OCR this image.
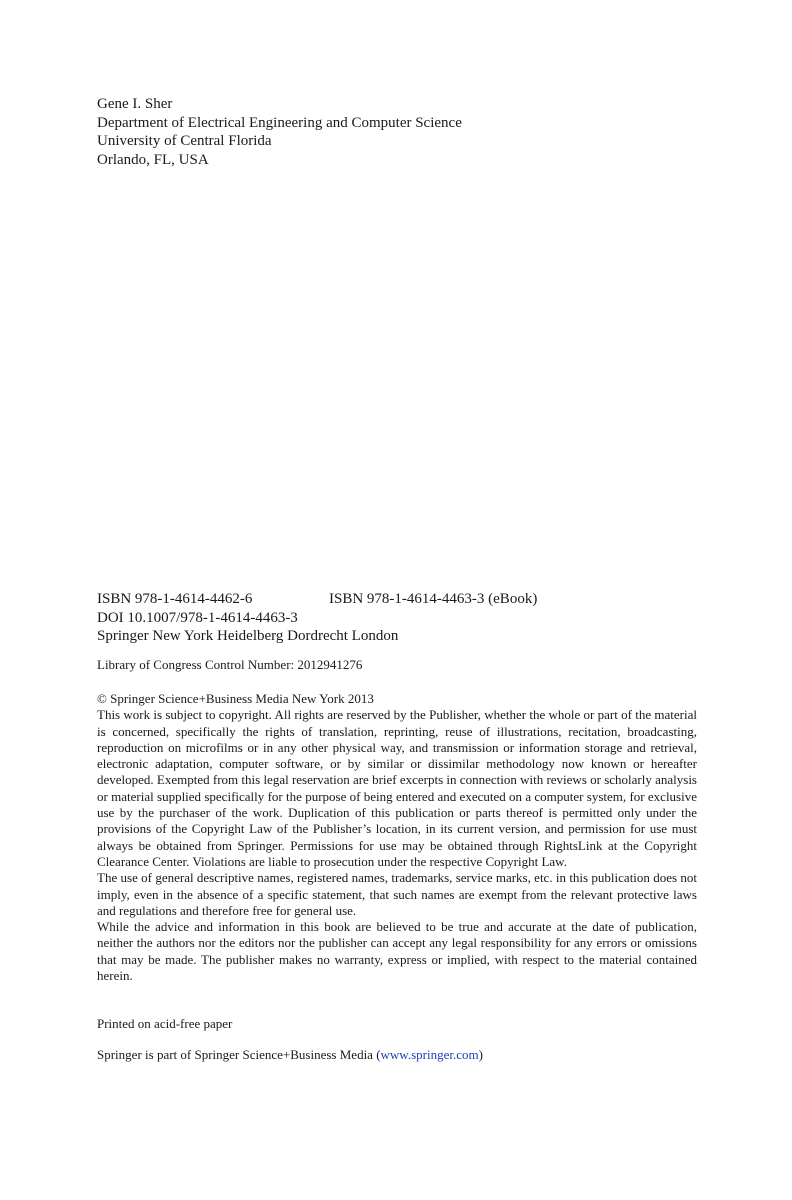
Gene I. Sher
Department of Electrical Engineering and Computer Science
University of Central Florida
Orlando, FL, USA
ISBN 978-1-4614-4462-6	ISBN 978-1-4614-4463-3 (eBook)
DOI 10.1007/978-1-4614-4463-3
Springer New York Heidelberg Dordrecht London
Library of Congress Control Number: 2012941276
© Springer Science+Business Media New York 2013

This work is subject to copyright. All rights are reserved by the Publisher, whether the whole or part of the material is concerned, specifically the rights of translation, reprinting, reuse of illustrations, recitation, broadcasting, reproduction on microfilms or in any other physical way, and transmission or information storage and retrieval, electronic adaptation, computer software, or by similar or dissimilar methodology now known or hereafter developed. Exempted from this legal reservation are brief excerpts in connection with reviews or scholarly analysis or material supplied specifically for the purpose of being entered and executed on a computer system, for exclusive use by the purchaser of the work. Duplication of this publication or parts thereof is permitted only under the provisions of the Copyright Law of the Publisher’s location, in its current version, and permission for use must always be obtained from Springer. Permissions for use may be obtained through RightsLink at the Copyright Clearance Center. Violations are liable to prosecution under the respective Copyright Law.

The use of general descriptive names, registered names, trademarks, service marks, etc. in this publication does not imply, even in the absence of a specific statement, that such names are exempt from the relevant protective laws and regulations and therefore free for general use.

While the advice and information in this book are believed to be true and accurate at the date of publication, neither the authors nor the editors nor the publisher can accept any legal responsibility for any errors or omissions that may be made. The publisher makes no warranty, express or implied, with respect to the material contained herein.

Printed on acid-free paper
Springer is part of Springer Science+Business Media (www.springer.com)
